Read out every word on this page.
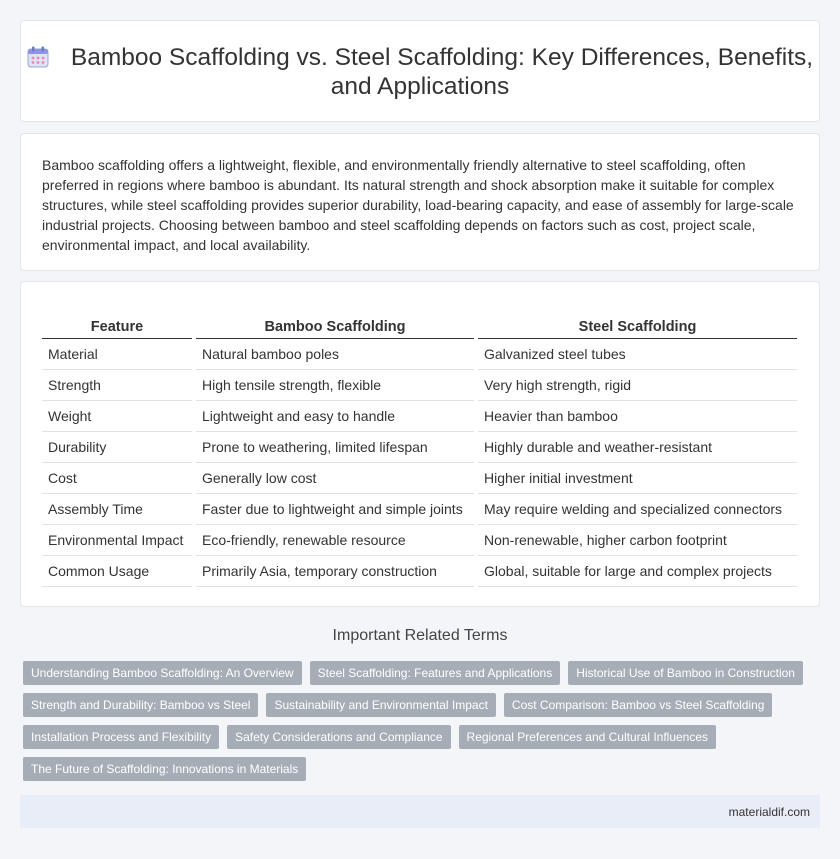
Bamboo Scaffolding vs. Steel Scaffolding: Key Differences, Benefits, and Applications

Bamboo scaffolding offers a lightweight, flexible, and environmentally friendly alternative to steel scaffolding, often preferred in regions where bamboo is abundant. Its natural strength and shock absorption make it suitable for complex structures, while steel scaffolding provides superior durability, load-bearing capacity, and ease of assembly for large-scale industrial projects. Choosing between bamboo and steel scaffolding depends on factors such as cost, project scale, environmental impact, and local availability.

Feature		Bamboo Scaffolding		Steel Scaffolding
Material		Natural bamboo poles		Galvanized steel tubes
Strength		High tensile strength, flexible		Very high strength, rigid
Weight		Lightweight and easy to handle		Heavier than bamboo
Durability		Prone to weathering, limited lifespan		Highly durable and weather-resistant
Cost		Generally low cost		Higher initial investment
Assembly Time		Faster due to lightweight and simple joints		May require welding and specialized connectors
Environmental Impact		Eco-friendly, renewable resource		Non-renewable, higher carbon footprint
Common Usage		Primarily Asia, temporary construction		Global, suitable for large and complex projects
Important Related Terms
Understanding Bamboo Scaffolding: An Overview	Steel Scaffolding: Features and Applications	Historical Use of Bamboo in Construction
Strength and Durability: Bamboo vs Steel	Sustainability and Environmental Impact	Cost Comparison: Bamboo vs Steel Scaffolding
Installation Process and Flexibility	Safety Considerations and Compliance	Regional Preferences and Cultural Influences
The Future of Scaffolding: Innovations in Materials
materialdif.com
